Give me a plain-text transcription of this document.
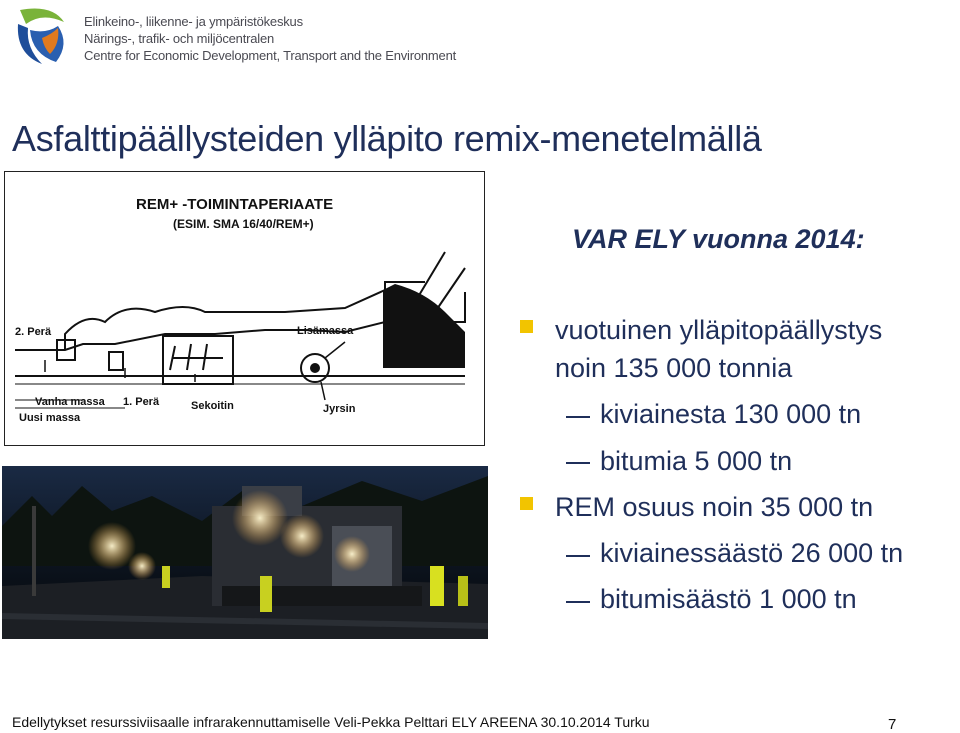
Elinkeino-, liikenne- ja ympäristökeskus
Närings-, trafik- och miljöcentralen
Centre for Economic Development, Transport and the Environment
Asfalttipäällysteiden ylläpito remix-menetelmällä
REM+ -TOIMINTAPERIAATE
(ESIM. SMA 16/40/REM+)
2. Perä	Lisämassa
Vanha massa
Uusi massa
1. Perä	Sekoitin	Jyrsin
VAR ELY vuonna 2014:
vuotuinen ylläpitopäällystys
noin 135 000 tonnia
kiviainesta 130 000 tn
bitumia 5 000 tn
REM osuus noin 35 000 tn
kiviainessäästö 26 000 tn
bitumisäästö 1 000 tn
Edellytykset resurssiviisaalle infrarakennuttamiselle Veli-Pekka Pelttari ELY AREENA 30.10.2014 Turku	7
